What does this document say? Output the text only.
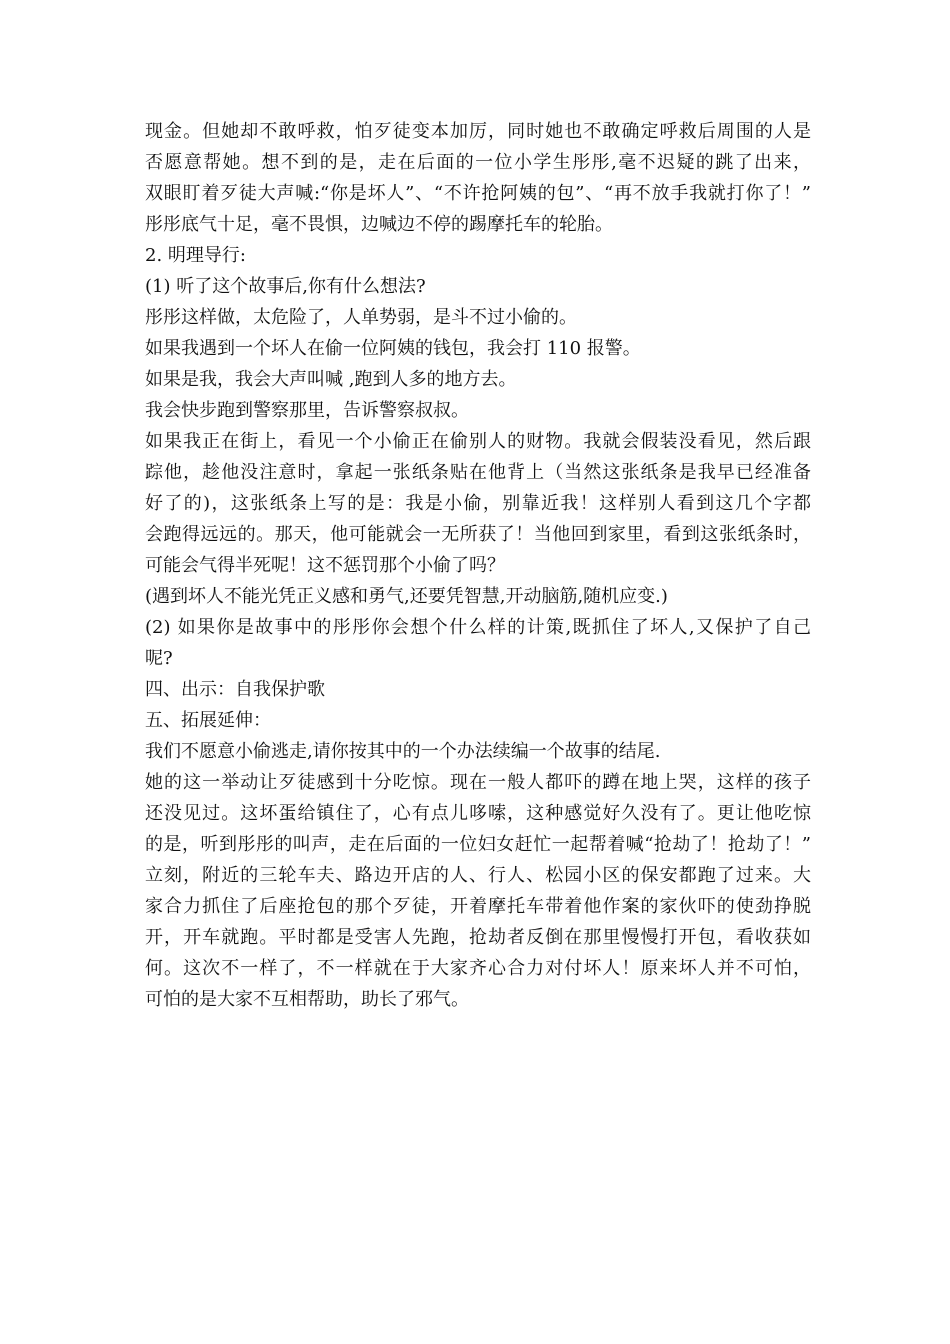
现金。但她却不敢呼救，怕歹徒变本加厉，同时她也不敢确定呼救后周围的人是
否愿意帮她。想不到的是，走在后面的一位小学生彤彤,毫不迟疑的跳了出来，
双眼盯着歹徒大声喊:“你是坏人”、“不许抢阿姨的包”、“再不放手我就打你了！”
彤彤底气十足，毫不畏惧，边喊边不停的踢摩托车的轮胎。
2. 明理导行:
(1) 听了这个故事后,你有什么想法?
彤彤这样做，太危险了，人单势弱，是斗不过小偷的。
如果我遇到一个坏人在偷一位阿姨的钱包，我会打 110 报警。
如果是我，我会大声叫喊 ,跑到人多的地方去。
我会快步跑到警察那里，告诉警察叔叔。
如果我正在街上，看见一个小偷正在偷别人的财物。我就会假装没看见，然后跟
踪他，趁他没注意时，拿起一张纸条贴在他背上（当然这张纸条是我早已经准备
好了的)，这张纸条上写的是：我是小偷，别靠近我！这样别人看到这几个字都
会跑得远远的。那天，他可能就会一无所获了！当他回到家里，看到这张纸条时，
可能会气得半死呢！这不惩罚那个小偷了吗？
(遇到坏人不能光凭正义感和勇气,还要凭智慧,开动脑筋,随机应变.)
(2) 如果你是故事中的彤彤你会想个什么样的计策,既抓住了坏人,又保护了自己
呢?
四、出示：自我保护歌
五、拓展延伸：
我们不愿意小偷逃走,请你按其中的一个办法续编一个故事的结尾.
她的这一举动让歹徒感到十分吃惊。现在一般人都吓的蹲在地上哭，这样的孩子
还没见过。这坏蛋给镇住了，心有点儿哆嗦，这种感觉好久没有了。更让他吃惊
的是，听到彤彤的叫声，走在后面的一位妇女赶忙一起帮着喊“抢劫了！抢劫了！”
立刻，附近的三轮车夫、路边开店的人、行人、松园小区的保安都跑了过来。大
家合力抓住了后座抢包的那个歹徒，开着摩托车带着他作案的家伙吓的使劲挣脱
开，开车就跑。平时都是受害人先跑，抢劫者反倒在那里慢慢打开包，看收获如
何。这次不一样了，不一样就在于大家齐心合力对付坏人！原来坏人并不可怕，
可怕的是大家不互相帮助，助长了邪气。
